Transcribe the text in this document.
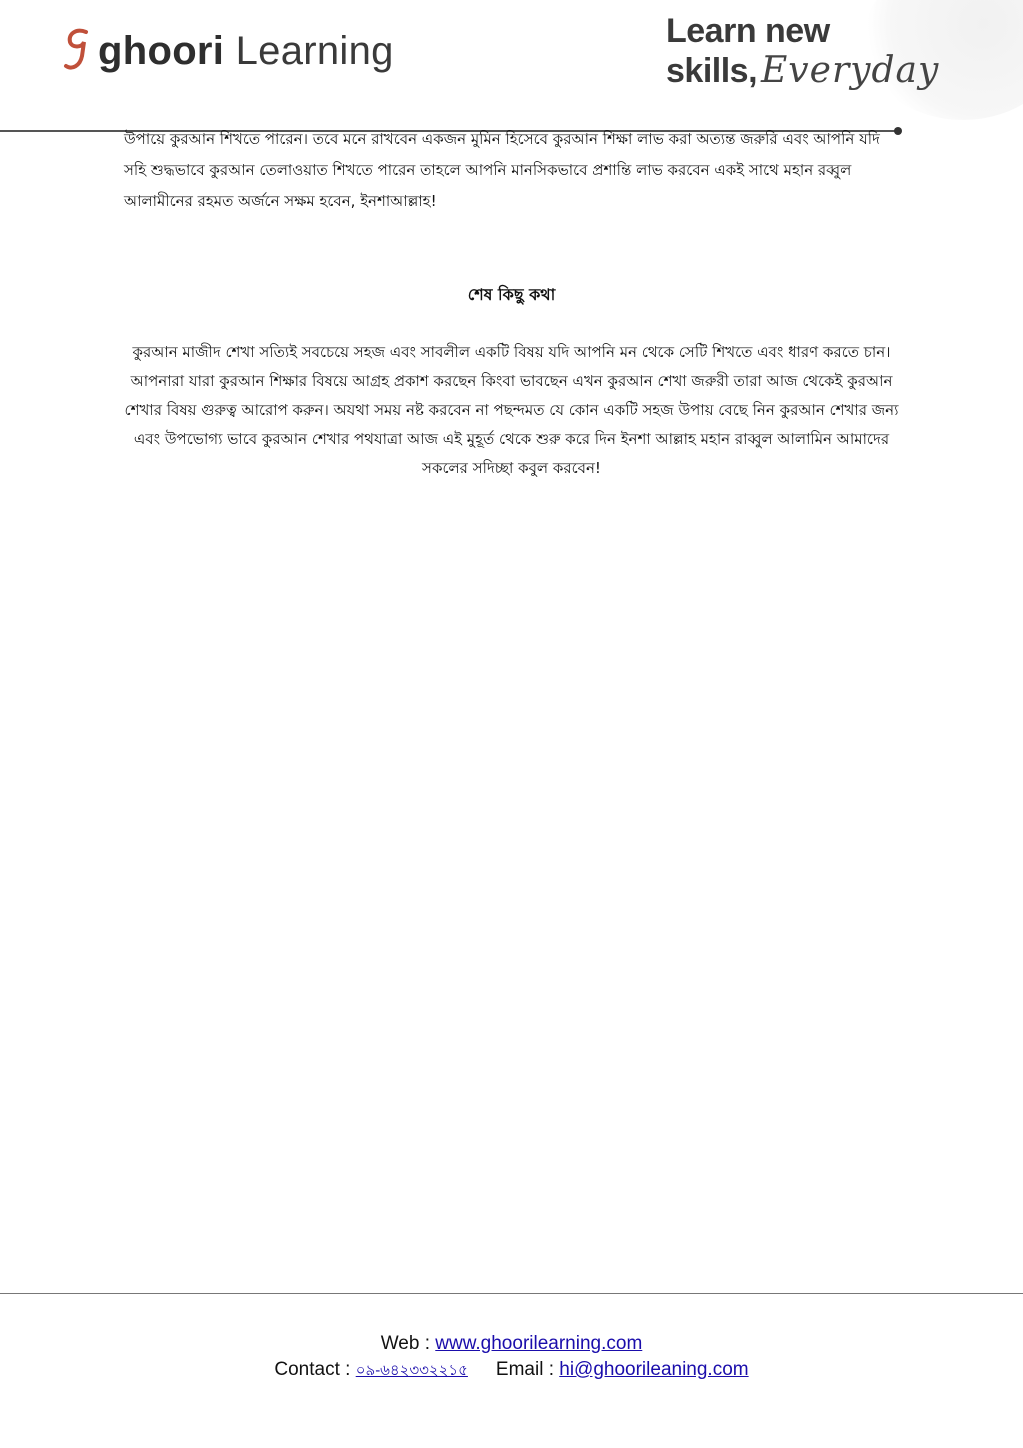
ghoori Learning	Learn new
skills , Everyday
উপায়ে কুরআন শিখতে পারেন। তবে মনে রাখবেন একজন মুমিন হিসেবে কুরআন শিক্ষা লাভ করা অত্যন্ত জরুরি এবং আপনি যদি সহি শুদ্ধভাবে কুরআন তেলাওয়াত শিখতে পারেন তাহলে আপনি মানসিকভাবে প্রশান্তি লাভ করবেন একই সাথে মহান রব্বুল আলামীনের রহমত অর্জনে সক্ষম হবেন, ইনশাআল্লাহ!
শেষ কিছু কথা
কুরআন মাজীদ শেখা সত্যিই সবচেয়ে সহজ এবং সাবলীল একটি বিষয় যদি আপনি মন থেকে সেটি শিখতে এবং ধারণ করতে চান। আপনারা যারা কুরআন শিক্ষার বিষয়ে আগ্রহ প্রকাশ করছেন কিংবা ভাবছেন এখন কুরআন শেখা জরুরী তারা আজ থেকেই কুরআন শেখার বিষয় গুরুত্ব আরোপ করুন। অযথা সময় নষ্ট করবেন না পছন্দমত যে কোন একটি সহজ উপায় বেছে নিন কুরআন শেখার জন্য এবং উপভোগ্য ভাবে কুরআন শেখার পথযাত্রা আজ এই মুহূর্ত থেকে শুরু করে দিন ইনশা আল্লাহ মহান রাব্বুল আলামিন আমাদের সকলের সদিচ্ছা কবুল করবেন!
Web : www.ghoorilearning.com
Contact : ০৯-৬৪২৩৩২২১৫ Email : hi@ghoorileaning.com
